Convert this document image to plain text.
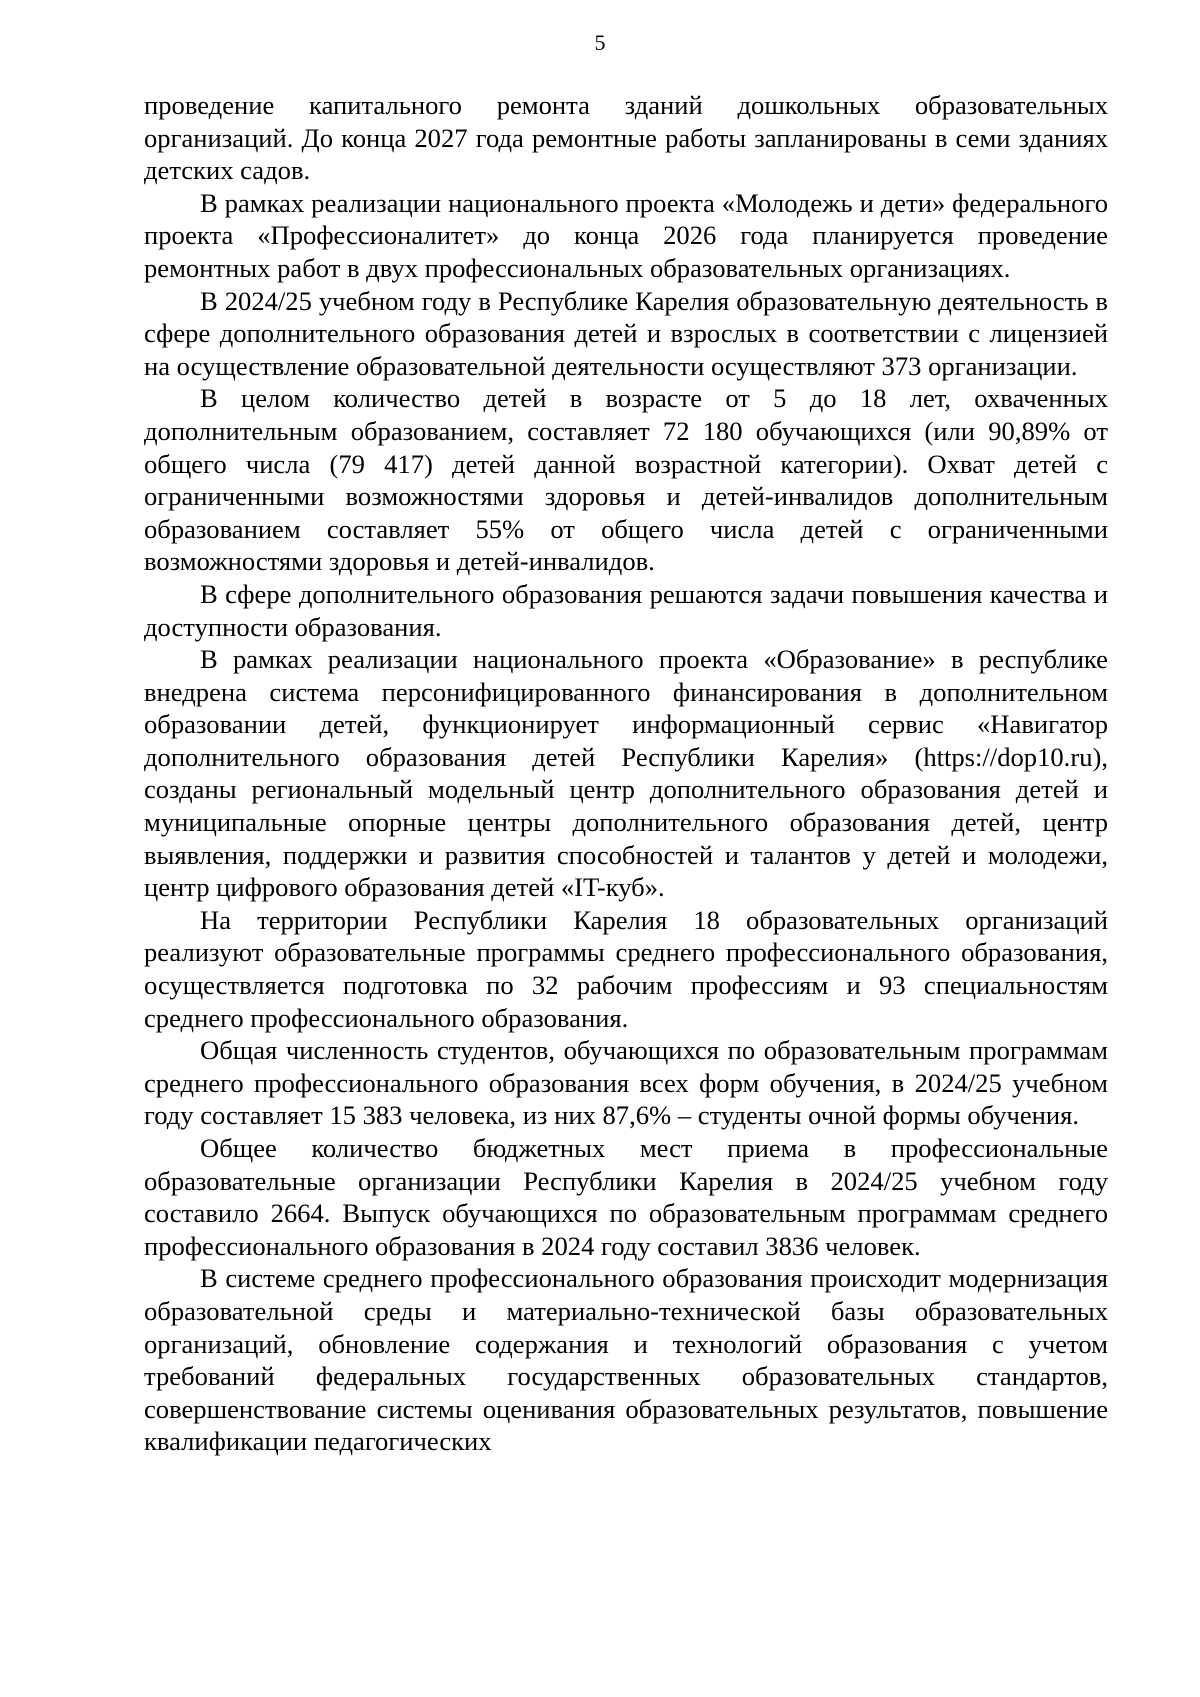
5

проведение капитального ремонта зданий дошкольных образовательных организаций. До конца 2027 года ремонтные работы запланированы в семи зданиях детских садов.

В рамках реализации национального проекта «Молодежь и дети» федерального проекта «Профессионалитет» до конца 2026 года планируется проведение ремонтных работ в двух профессиональных образовательных организациях.

В 2024/25 учебном году в Республике Карелия образовательную деятельность в сфере дополнительного образования детей и взрослых в соответствии с лицензией на осуществление образовательной деятельности осуществляют 373 организации.

В целом количество детей в возрасте от 5 до 18 лет, охваченных дополнительным образованием, составляет 72 180 обучающихся (или 90,89% от общего числа (79 417) детей данной возрастной категории). Охват детей с ограниченными возможностями здоровья и детей-инвалидов дополнительным образованием составляет 55% от общего числа детей с ограниченными возможностями здоровья и детей-инвалидов.

В сфере дополнительного образования решаются задачи повышения качества и доступности образования.

В рамках реализации национального проекта «Образование» в республике внедрена система персонифицированного финансирования в дополнительном образовании детей, функционирует информационный сервис «Навигатор дополнительного образования детей Республики Карелия» (https://dop10.ru), созданы региональный модельный центр дополнительного образования детей и муниципальные опорные центры дополнительного образования детей, центр выявления, поддержки и развития способностей и талантов у детей и молодежи, центр цифрового образования детей «IT-куб».

На территории Республики Карелия 18 образовательных организаций реализуют образовательные программы среднего профессионального образования, осуществляется подготовка по 32 рабочим профессиям и 93 специальностям среднего профессионального образования.

Общая численность студентов, обучающихся по образовательным программам среднего профессионального образования всех форм обучения, в 2024/25 учебном году составляет 15 383 человека, из них 87,6% – студенты очной формы обучения.

Общее количество бюджетных мест приема в профессиональные образовательные организации Республики Карелия в 2024/25 учебном году составило 2664. Выпуск обучающихся по образовательным программам среднего профессионального образования в 2024 году составил 3836 человек.

В системе среднего профессионального образования происходит модернизация образовательной среды и материально-технической базы образовательных организаций, обновление содержания и технологий образования с учетом требований федеральных государственных образовательных стандартов, совершенствование системы оценивания образовательных результатов, повышение квалификации педагогических
